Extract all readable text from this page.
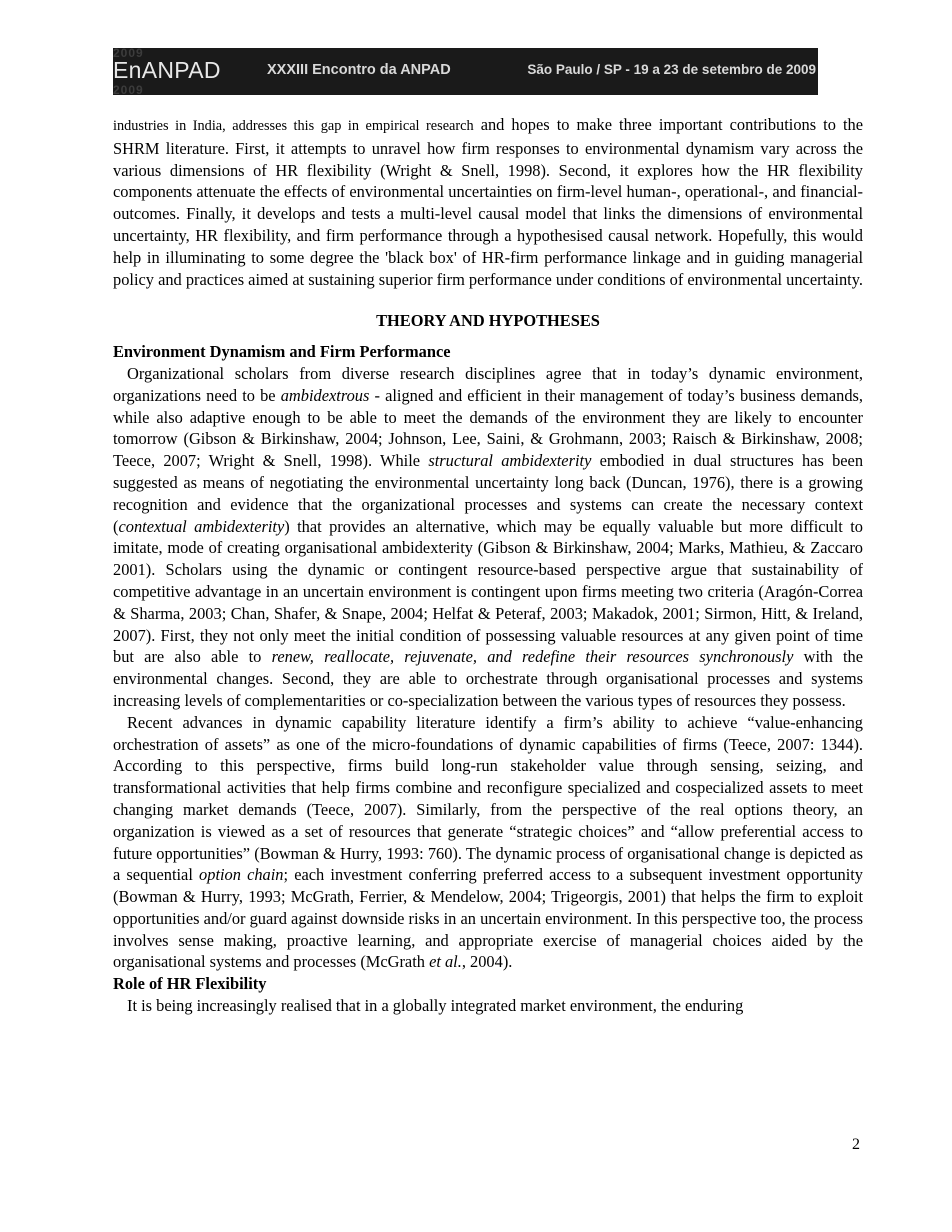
2009
EnANPAD
2009
XXXIII Encontro da ANPAD	São Paulo / SP - 19 a 23 de setembro de 2009

industries in India, addresses this gap in empirical research and hopes to make three important contributions to the SHRM literature. First, it attempts to unravel how firm responses to environmental dynamism vary across the various dimensions of HR flexibility (Wright & Snell, 1998). Second, it explores how the HR flexibility components attenuate the effects of environmental uncertainties on firm-level human-, operational-, and financial-outcomes. Finally, it develops and tests a multi-level causal model that links the dimensions of environmental uncertainty, HR flexibility, and firm performance through a hypothesised causal network. Hopefully, this would help in illuminating to some degree the 'black box' of HR-firm performance linkage and in guiding managerial policy and practices aimed at sustaining superior firm performance under conditions of environmental uncertainty.

THEORY AND HYPOTHESES
Environment Dynamism and Firm Performance

Organizational scholars from diverse research disciplines agree that in today’s dynamic environment, organizations need to be ambidextrous - aligned and efficient in their management of today’s business demands, while also adaptive enough to be able to meet the demands of the environment they are likely to encounter tomorrow (Gibson & Birkinshaw, 2004; Johnson, Lee, Saini, & Grohmann, 2003; Raisch & Birkinshaw, 2008; Teece, 2007; Wright & Snell, 1998). While structural ambidexterity embodied in dual structures has been suggested as means of negotiating the environmental uncertainty long back (Duncan, 1976), there is a growing recognition and evidence that the organizational processes and systems can create the necessary context (contextual ambidexterity) that provides an alternative, which may be equally valuable but more difficult to imitate, mode of creating organisational ambidexterity (Gibson & Birkinshaw, 2004; Marks, Mathieu, & Zaccaro 2001). Scholars using the dynamic or contingent resource-based perspective argue that sustainability of competitive advantage in an uncertain environment is contingent upon firms meeting two criteria (Aragón-Correa & Sharma, 2003; Chan, Shafer, & Snape, 2004; Helfat & Peteraf, 2003; Makadok, 2001; Sirmon, Hitt, & Ireland, 2007). First, they not only meet the initial condition of possessing valuable resources at any given point of time but are also able to renew, reallocate, rejuvenate, and redefine their resources synchronously with the environmental changes. Second, they are able to orchestrate through organisational processes and systems increasing levels of complementarities or co-specialization between the various types of resources they possess.

Recent advances in dynamic capability literature identify a firm’s ability to achieve “value-enhancing orchestration of assets” as one of the micro-foundations of dynamic capabilities of firms (Teece, 2007: 1344). According to this perspective, firms build long-run stakeholder value through sensing, seizing, and transformational activities that help firms combine and reconfigure specialized and cospecialized assets to meet changing market demands (Teece, 2007). Similarly, from the perspective of the real options theory, an organization is viewed as a set of resources that generate “strategic choices” and “allow preferential access to future opportunities” (Bowman & Hurry, 1993: 760). The dynamic process of organisational change is depicted as a sequential option chain; each investment conferring preferred access to a subsequent investment opportunity (Bowman & Hurry, 1993; McGrath, Ferrier, & Mendelow, 2004; Trigeorgis, 2001) that helps the firm to exploit opportunities and/or guard against downside risks in an uncertain environment. In this perspective too, the process involves sense making, proactive learning, and appropriate exercise of managerial choices aided by the organisational systems and processes (McGrath et al., 2004).

Role of HR Flexibility

It is being increasingly realised that in a globally integrated market environment, the enduring

2
